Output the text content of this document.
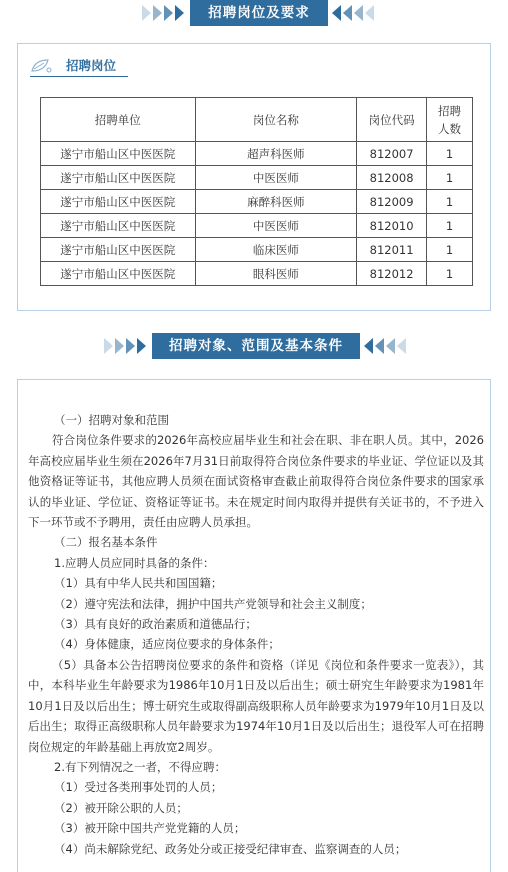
招聘岗位及要求
招聘岗位
招聘单位	岗位名称	岗位代码	招聘人数
遂宁市船山区中医医院	超声科医师	812007	1
遂宁市船山区中医医院	中医医师	812008	1
遂宁市船山区中医医院	麻醉科医师	812009	1
遂宁市船山区中医医院	中医医师	812010	1
遂宁市船山区中医医院	临床医师	812011	1
遂宁市船山区中医医院	眼科医师	812012	1
招聘对象、范围及基本条件

（一）招聘对象和范围

符合岗位条件要求的2026年高校应届毕业生和社会在职、非在职人员。其中，2026年高校应届毕业生须在2026年7月31日前取得符合岗位条件要求的毕业证、学位证以及其他资格证等证书，其他应聘人员须在面试资格审查截止前取得符合岗位条件要求的国家承认的毕业证、学位证、资格证等证书。未在规定时间内取得并提供有关证书的，不予进入下一环节或不予聘用，责任由应聘人员承担。

（二）报名基本条件

1.应聘人员应同时具备的条件：

（1）具有中华人民共和国国籍；

（2）遵守宪法和法律，拥护中国共产党领导和社会主义制度；

（3）具有良好的政治素质和道德品行；

（4）身体健康，适应岗位要求的身体条件；

（5）具备本公告招聘岗位要求的条件和资格（详见《岗位和条件要求一览表》），其中，本科毕业生年龄要求为1986年10月1日及以后出生；硕士研究生年龄要求为1981年10月1日及以后出生；博士研究生或取得副高级职称人员年龄要求为1979年10月1日及以后出生；取得正高级职称人员年龄要求为1974年10月1日及以后出生；退役军人可在招聘岗位规定的年龄基础上再放宽2周岁。

2.有下列情况之一者，不得应聘：

（1）受过各类刑事处罚的人员；

（2）被开除公职的人员；

（3）被开除中国共产党党籍的人员；

（4）尚未解除党纪、政务处分或正接受纪律审查、监察调查的人员；
